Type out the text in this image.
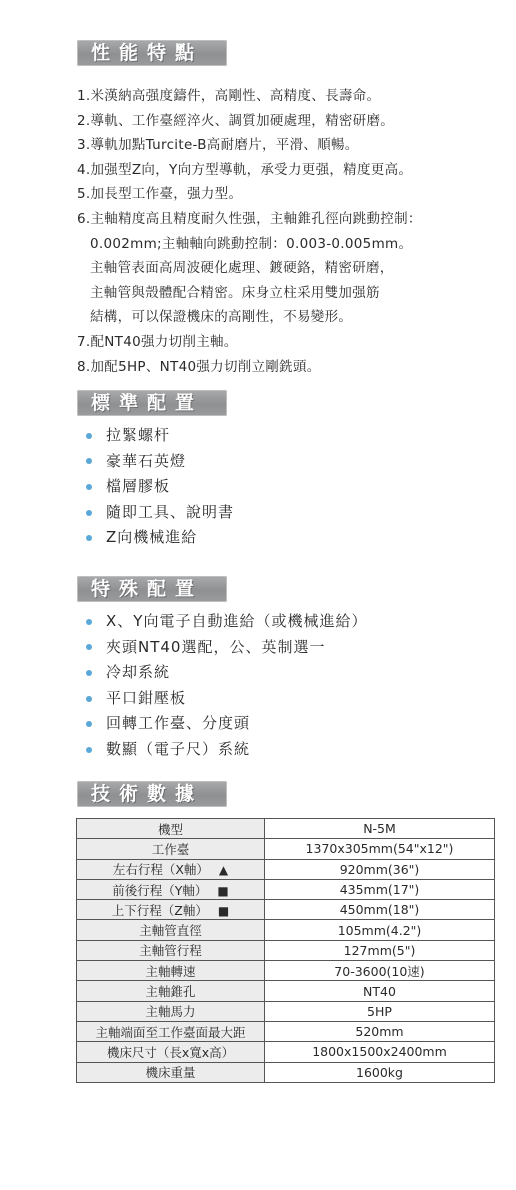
性能特點
1.米漢納高强度鑄件，高剛性、高精度、長壽命。
2.導軌、工作臺經淬火、調質加硬處理，精密研磨。
3.導軌加點Turcite-B高耐磨片，平滑、順暢。
4.加强型Z向，Y向方型導軌，承受力更强，精度更高。
5.加長型工作臺，强力型。
6.主軸精度高且精度耐久性强，主軸錐孔徑向跳動控制：
0.002mm;主軸軸向跳動控制：0.003-0.005mm。
主軸管表面高周波硬化處理、鍍硬鉻，精密研磨，
主軸管與殼體配合精密。床身立柱采用雙加强筋
結構，可以保證機床的高剛性，不易變形。
7.配NT40强力切削主軸。
8.加配5HP、NT40强力切削立剛銑頭。
標準配置
拉緊螺杆
豪華石英燈
檔層膠板
隨即工具、說明書
Z向機械進給
特殊配置
X、Y向電子自動進給（或機械進給）
夾頭NT40選配，公、英制選一
冷却系統
平口鉗壓板
回轉工作臺、分度頭
數顯（電子尺）系統
技術數據
機型	N-5M
工作臺	1370x305mm(54"x12")
左右行程（X軸） ▲	920mm(36")
前後行程（Y軸） ■	435mm(17")
上下行程（Z軸） ■	450mm(18")
主軸管直徑	105mm(4.2")
主軸管行程	127mm(5")
主軸轉速	70-3600(10速)
主軸錐孔	NT40
主軸馬力	5HP
主軸端面至工作臺面最大距	520mm
機床尺寸（長x寬x高）	1800x1500x2400mm
機床重量	1600kg
